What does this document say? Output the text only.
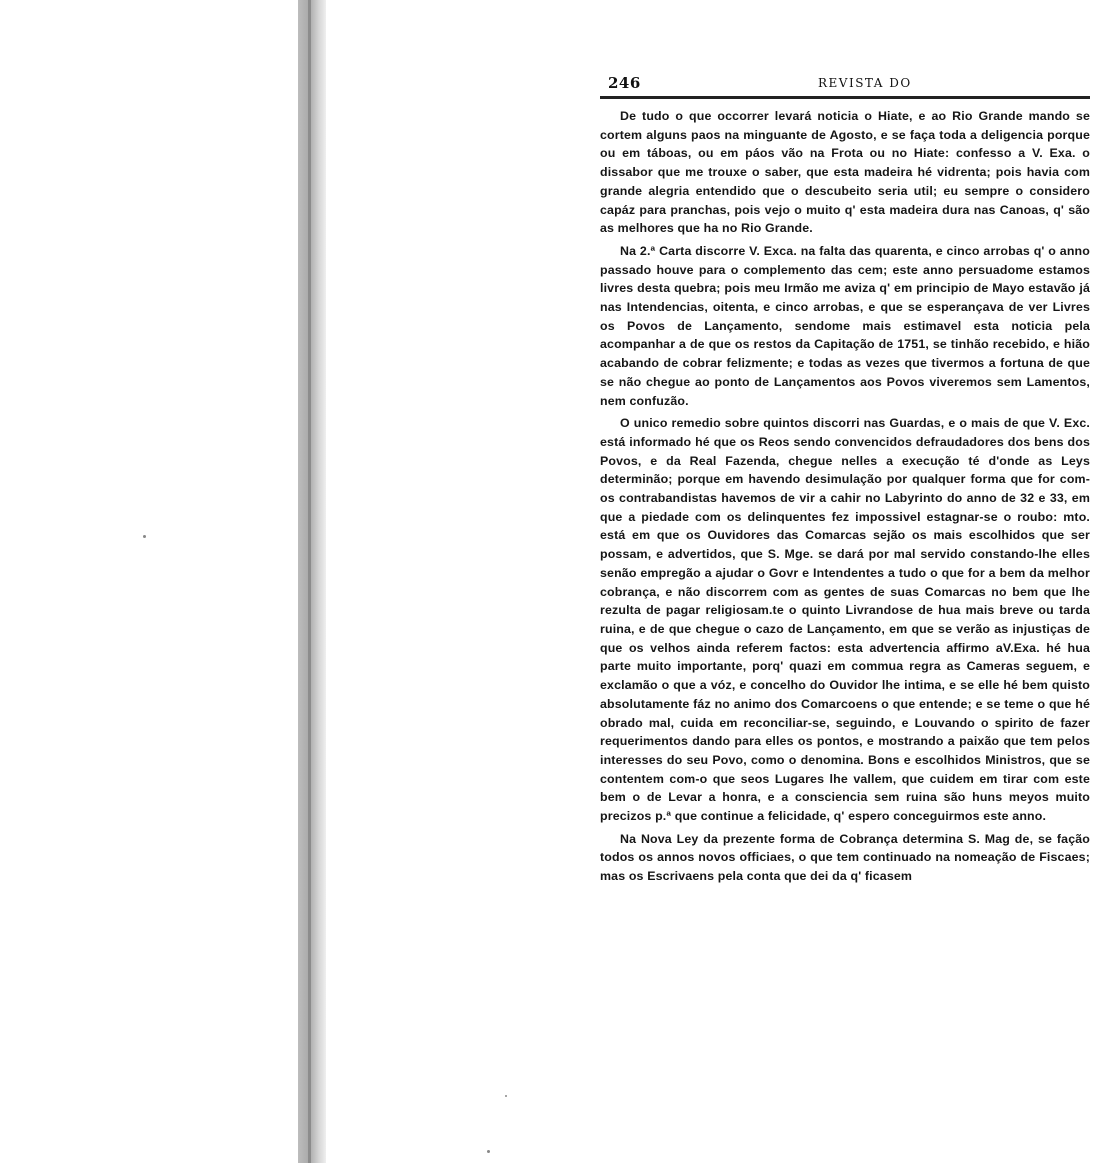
246	REVISTA DO

De tudo o que occorrer levará noticia o Hiate, e ao Rio Grande mando se cortem alguns paos na minguante de Agosto, e se faça toda a deligencia porque ou em táboas, ou em páos vão na Frota ou no Hiate: confesso a V. Exa. o dissabor que me trouxe o saber, que esta madeira hé vidrenta; pois havia com grande alegria entendido que o descubeito seria util; eu sempre o considero capáz para pranchas, pois vejo o muito q' esta madeira dura nas Canoas, q' são as melhores que ha no Rio Grande.

Na 2.ª Carta discorre V. Exca. na falta das quarenta, e cinco arrobas q' o anno passado houve para o complemento das cem; este anno persuadome estamos livres desta quebra; pois meu Irmão me aviza q' em principio de Mayo estavão já nas Intendencias, oitenta, e cinco arrobas, e que se esperançava de ver Livres os Povos de Lançamento, sendome mais estimavel esta noticia pela acompanhar a de que os restos da Capitação de 1751, se tinhão recebido, e hião acabando de cobrar felizmente; e todas as vezes que tivermos a fortuna de que se não chegue ao ponto de Lançamentos aos Povos viveremos sem Lamentos, nem confuzão.

O unico remedio sobre quintos discorri nas Guardas, e o mais de que V. Exc. está informado hé que os Reos sendo convencidos defraudadores dos bens dos Povos, e da Real Fazenda, chegue nelles a execução té d'onde as Leys determinão; porque em havendo desimulação por qualquer forma que for com-os contrabandistas havemos de vir a cahir no Labyrinto do anno de 32 e 33, em que a piedade com os delinquentes fez impossivel estagnar-se o roubo: mto. está em que os Ouvidores das Comarcas sejão os mais escolhidos que ser possam, e advertidos, que S. Mge. se dará por mal servido constando-lhe elles senão empregão a ajudar o Govr e Intendentes a tudo o que for a bem da melhor cobrança, e não discorrem com as gentes de suas Comarcas no bem que lhe rezulta de pagar religiosam.te o quinto Livrandose de hua mais breve ou tarda ruina, e de que chegue o cazo de Lançamento, em que se verão as injustiças de que os velhos ainda referem factos: esta advertencia affirmo aV.Exa. hé hua parte muito importante, porq' quazi em commua regra as Cameras seguem, e exclamão o que a vóz, e concelho do Ouvidor lhe intima, e se elle hé bem quisto absolutamente fáz no animo dos Comarcoens o que entende; e se teme o que hé obrado mal, cuida em reconciliar-se, seguindo, e Louvando o spirito de fazer requerimentos dando para elles os pontos, e mostrando a paixão que tem pelos interesses do seu Povo, como o denomina. Bons e escolhidos Ministros, que se contentem com-o que seos Lugares lhe vallem, que cuidem em tirar com este bem o de Levar a honra, e a consciencia sem ruina são huns meyos muito precizos p.ª que continue a felicidade, q' espero conceguirmos este anno.

Na Nova Ley da prezente forma de Cobrança determina S. Mag de, se fação todos os annos novos officiaes, o que tem continuado na nomeação de Fiscaes; mas os Escrivaens pela conta que dei da q' ficasem
